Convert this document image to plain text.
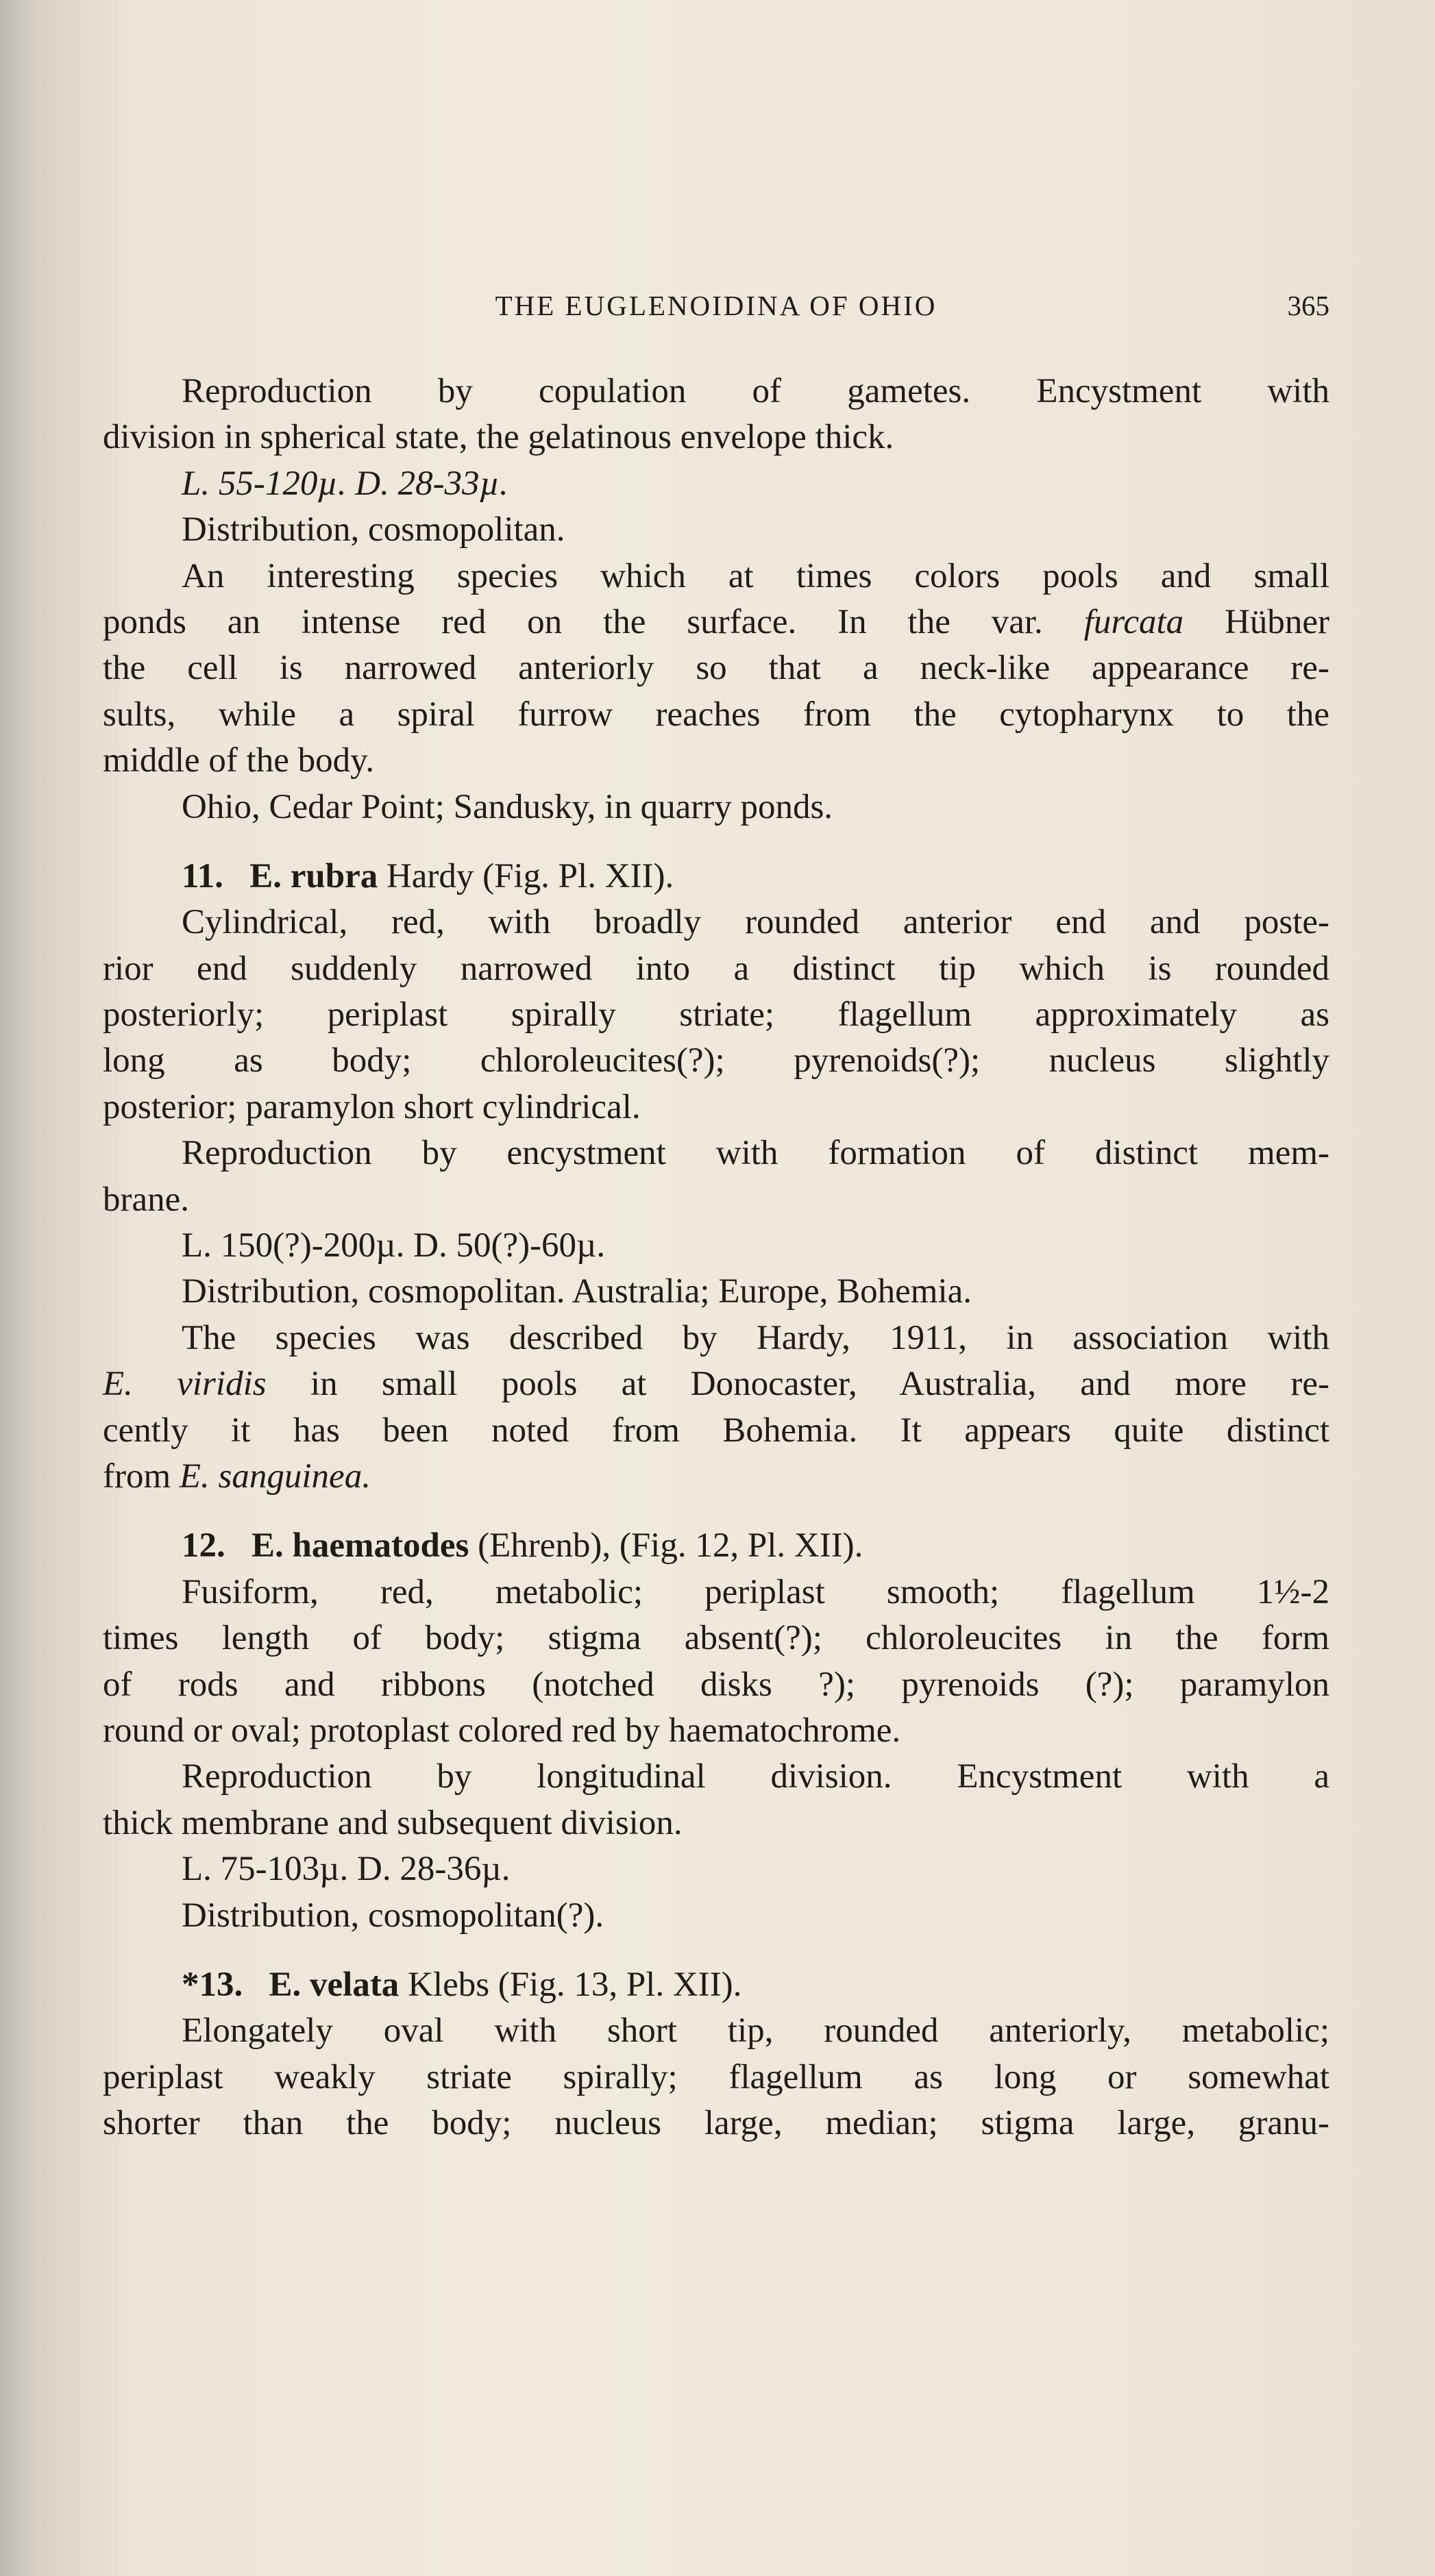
THE EUGLENOIDINA OF OHIO	365
Reproduction by copulation of gametes. Encystment with
division in spherical state, the gelatinous envelope thick.
L. 55-120µ. D. 28-33µ.
Distribution, cosmopolitan.
An interesting species which at times colors pools and small
ponds an intense red on the surface. In the var. furcata Hübner
the cell is narrowed anteriorly so that a neck-like appearance re-
sults, while a spiral furrow reaches from the cytopharynx to the
middle of the body.
Ohio, Cedar Point; Sandusky, in quarry ponds.
11. E. rubra Hardy (Fig. Pl. XII).
Cylindrical, red, with broadly rounded anterior end and poste-
rior end suddenly narrowed into a distinct tip which is rounded
posteriorly; periplast spirally striate; flagellum approximately as
long as body; chloroleucites(?); pyrenoids(?); nucleus slightly
posterior; paramylon short cylindrical.
Reproduction by encystment with formation of distinct mem-
brane.
L. 150(?)-200µ. D. 50(?)-60µ.
Distribution, cosmopolitan. Australia; Europe, Bohemia.
The species was described by Hardy, 1911, in association with
E. viridis in small pools at Donocaster, Australia, and more re-
cently it has been noted from Bohemia. It appears quite distinct
from E. sanguinea.
12. E. haematodes (Ehrenb), (Fig. 12, Pl. XII).
Fusiform, red, metabolic; periplast smooth; flagellum 1½-2
times length of body; stigma absent(?); chloroleucites in the form
of rods and ribbons (notched disks ?); pyrenoids (?); paramylon
round or oval; protoplast colored red by haematochrome.
Reproduction by longitudinal division. Encystment with a
thick membrane and subsequent division.
L. 75-103µ. D. 28-36µ.
Distribution, cosmopolitan(?).
*13. E. velata Klebs (Fig. 13, Pl. XII).
Elongately oval with short tip, rounded anteriorly, metabolic;
periplast weakly striate spirally; flagellum as long or somewhat
shorter than the body; nucleus large, median; stigma large, granu-
